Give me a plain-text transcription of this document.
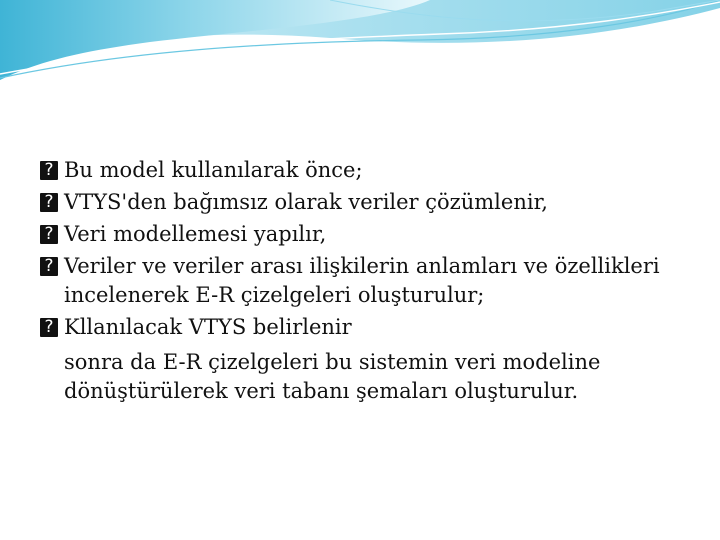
? Bu model kullanılarak önce;
? VTYS'den bağımsız olarak veriler çözümlenir,
? Veri modellemesi yapılır,
? Veriler ve veriler arası ilişkilerin anlamları ve özellikleri incelenerek E-R çizelgeleri oluşturulur;
? Kllanılacak VTYS belirlenir
sonra da E-R çizelgeleri bu sistemin veri modeline dönüştürülerek veri tabanı şemaları oluşturulur.
